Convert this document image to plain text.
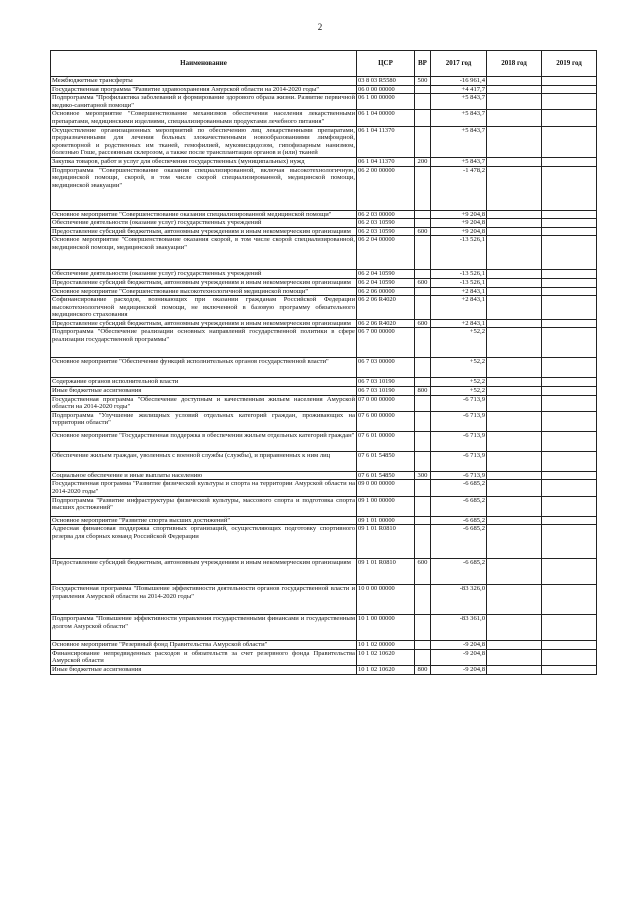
2
Наименование	ЦСР	ВР	2017 год	2018 год	2019 год
Межбюджетные трансферты	03 8 03 R5580	500	-16 961,4		
Государственная программа "Развитие здравоохранения Амурской области на 2014-2020 годы"	06 0 00 00000		+4 417,7		
Подпрограмма "Профилактика заболеваний и формирование здорового образа жизни. Развитие первичной медико-санитарной помощи"	06 1 00 00000		+5 843,7		
Основное мероприятие "Совершенствование механизмов обеспечения населения лекарственными препаратами, медицинскими изделиями, специализированными продуктами лечебного питания"	06 1 04 00000		+5 843,7		
Осуществление организационных мероприятий по обеспечению лиц лекарственными препаратами, предназначенными для лечения больных злокачественными новообразованиями лимфоидной, кроветворной и родственных им тканей, гемофилией, муковисцидозом, гипофизарным нанизмом, болезнью Гоше, рассеянным склерозом, а также после трансплантации органов и (или) тканей	06 1 04 11370		+5 843,7		
Закупка товаров, работ и услуг для обеспечения государственных (муниципальных) нужд	06 1 04 11370	200	+5 843,7		
Подпрограмма "Совершенствование оказания специализированной, включая высокотехнологичную, медицинской помощи, скорой, в том числе скорой специализированной, медицинской помощи, медицинской эвакуации"	06 2 00 00000		-1 478,2		
Основное мероприятие "Совершенствование оказания специализированной медицинской помощи"	06 2 03 00000		+9 204,8		
Обеспечение деятельности (оказание услуг) государственных учреждений	06 2 03 10590		+9 204,8		
Предоставление субсидий бюджетным, автономным учреждениям и иным некоммерческим организациям	06 2 03 10590	600	+9 204,8		
Основное мероприятие "Совершенствование оказания скорой, в том числе скорой специализированной, медицинской помощи, медицинской эвакуации"	06 2 04 00000		-13 526,1		
Обеспечение деятельности (оказание услуг) государственных учреждений	06 2 04 10590		-13 526,1		
Предоставление субсидий бюджетным, автономным учреждениям и иным некоммерческим организациям	06 2 04 10590	600	-13 526,1		
Основное мероприятие "Совершенствование высокотехнологичной медицинской помощи"	06 2 06 00000		+2 843,1		
Софинансирование расходов, возникающих при оказании гражданам Российской Федерации высокотехнологичной медицинской помощи, не включенной в базовую программу обязательного медицинского страхования	06 2 06 R4020		+2 843,1		
Предоставление субсидий бюджетным, автономным учреждениям и иным некоммерческим организациям	06 2 06 R4020	600	+2 843,1		
Подпрограмма "Обеспечение реализации основных направлений государственной политики в сфере реализации государственной программы"	06 7 00 00000		+52,2		
Основное мероприятие "Обеспечение функций исполнительных органов государственной власти"	06 7 03 00000		+52,2		
Содержание органов исполнительной власти	06 7 03 10190		+52,2		
Иные бюджетные ассигнования	06 7 03 10190	800	+52,2		
Государственная программа "Обеспечение доступным и качественным жильем населения Амурской области на 2014-2020 годы"	07 0 00 00000		-6 713,9		
Подпрограмма "Улучшение жилищных условий отдельных категорий граждан, проживающих на территории области"	07 6 00 00000		-6 713,9		
Основное мероприятие "Государственная поддержка в обеспечении жильем отдельных категорий граждан"	07 6 01 00000		-6 713,9		
Обеспечение жильем граждан, уволенных с военной службы (службы), и приравненных к ним лиц	07 6 01 54850		-6 713,9		
Социальное обеспечение и иные выплаты населению	07 6 01 54850	300	-6 713,9		
Государственная программа "Развитие физической культуры и спорта на территории Амурской области на 2014-2020 годы"	09 0 00 00000		-6 685,2		
Подпрограмма "Развитие инфраструктуры физической культуры, массового спорта и подготовка спорта высших достижений"	09 1 00 00000		-6 685,2		
Основное мероприятие "Развитие спорта высших достижений"	09 1 01 00000		-6 685,2		
Адресная финансовая поддержка спортивных организаций, осуществляющих подготовку спортивного резерва для сборных команд Российской Федерации	09 1 01 R0810		-6 685,2		
Предоставление субсидий бюджетным, автономным учреждениям и иным некоммерческим организациям	09 1 01 R0810	600	-6 685,2		
Государственная программа "Повышение эффективности деятельности органов государственной власти и управления Амурской области на 2014-2020 годы"	10 0 00 00000		-83 326,0		
Подпрограмма "Повышение эффективности управления государственными финансами и государственным долгом Амурской области"	10 1 00 00000		-83 361,0		
Основное мероприятие "Резервный фонд Правительства Амурской области"	10 1 02 00000		-9 204,8		
Финансирование непредвиденных расходов и обязательств за счет резервного фонда Правительства Амурской области	10 1 02 10620		-9 204,8		
Иные бюджетные ассигнования	10 1 02 10620	800	-9 204,8		
